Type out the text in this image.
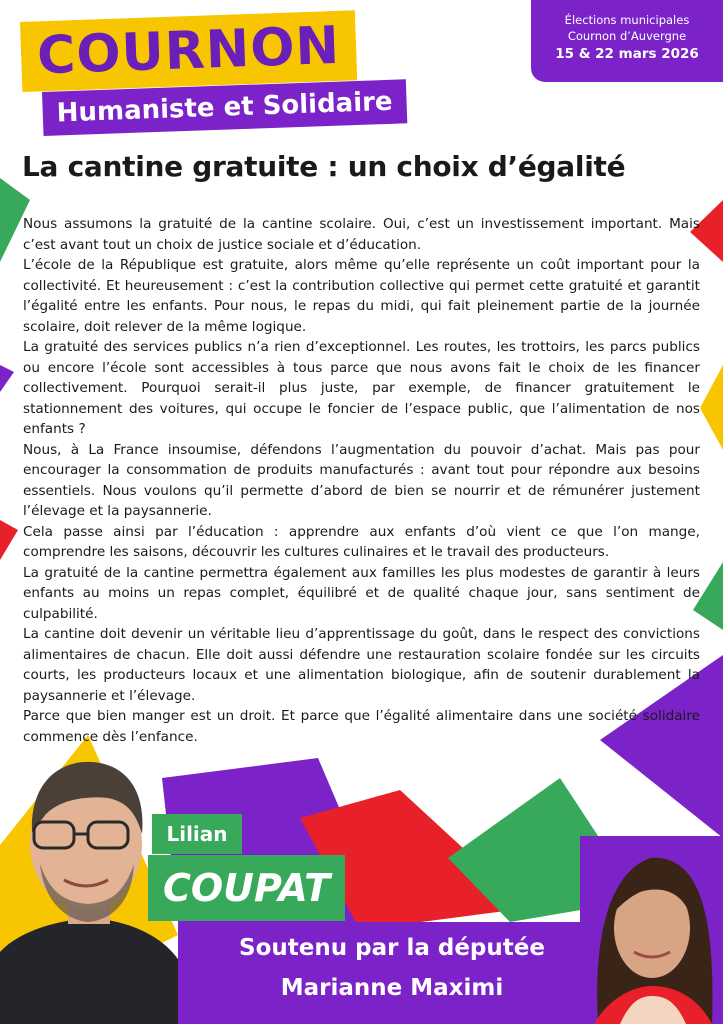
COURNON
Humaniste et Solidaire
Élections municipales
Cournon d’Auvergne
15 & 22 mars 2026
La cantine gratuite : un choix d’égalité

Nous assumons la gratuité de la cantine scolaire. Oui, c’est un investissement important. Mais c’est avant tout un choix de justice sociale et d’éducation.

L’école de la République est gratuite, alors même qu’elle représente un coût important pour la collectivité. Et heureusement : c’est la contribution collective qui permet cette gratuité et garantit l’égalité entre les enfants. Pour nous, le repas du midi, qui fait pleinement partie de la journée scolaire, doit relever de la même logique.

La gratuité des services publics n’a rien d’exceptionnel. Les routes, les trottoirs, les parcs publics ou encore l’école sont accessibles à tous parce que nous avons fait le choix de les financer collectivement. Pourquoi serait-il plus juste, par exemple, de financer gratuitement le stationnement des voitures, qui occupe le foncier de l’espace public, que l’alimentation de nos enfants ?

Nous, à La France insoumise, défendons l’augmentation du pouvoir d’achat. Mais pas pour encourager la consommation de produits manufacturés : avant tout pour répondre aux besoins essentiels. Nous voulons qu’il permette d’abord de bien se nourrir et de rémunérer justement l’élevage et la paysannerie.

Cela passe ainsi par l’éducation : apprendre aux enfants d’où vient ce que l’on mange, comprendre les saisons, découvrir les cultures culinaires et le travail des producteurs.

La gratuité de la cantine permettra également aux familles les plus modestes de garantir à leurs enfants au moins un repas complet, équilibré et de qualité chaque jour, sans sentiment de culpabilité.

La cantine doit devenir un véritable lieu d’apprentissage du goût, dans le respect des convictions alimentaires de chacun. Elle doit aussi défendre une restauration scolaire fondée sur les circuits courts, les producteurs locaux et une alimentation biologique, afin de soutenir durablement la paysannerie et l’élevage.

Parce que bien manger est un droit. Et parce que l’égalité alimentaire dans une société solidaire commence dès l’enfance.

Lilian
COUPAT
Soutenu par la députée
Marianne Maximi
